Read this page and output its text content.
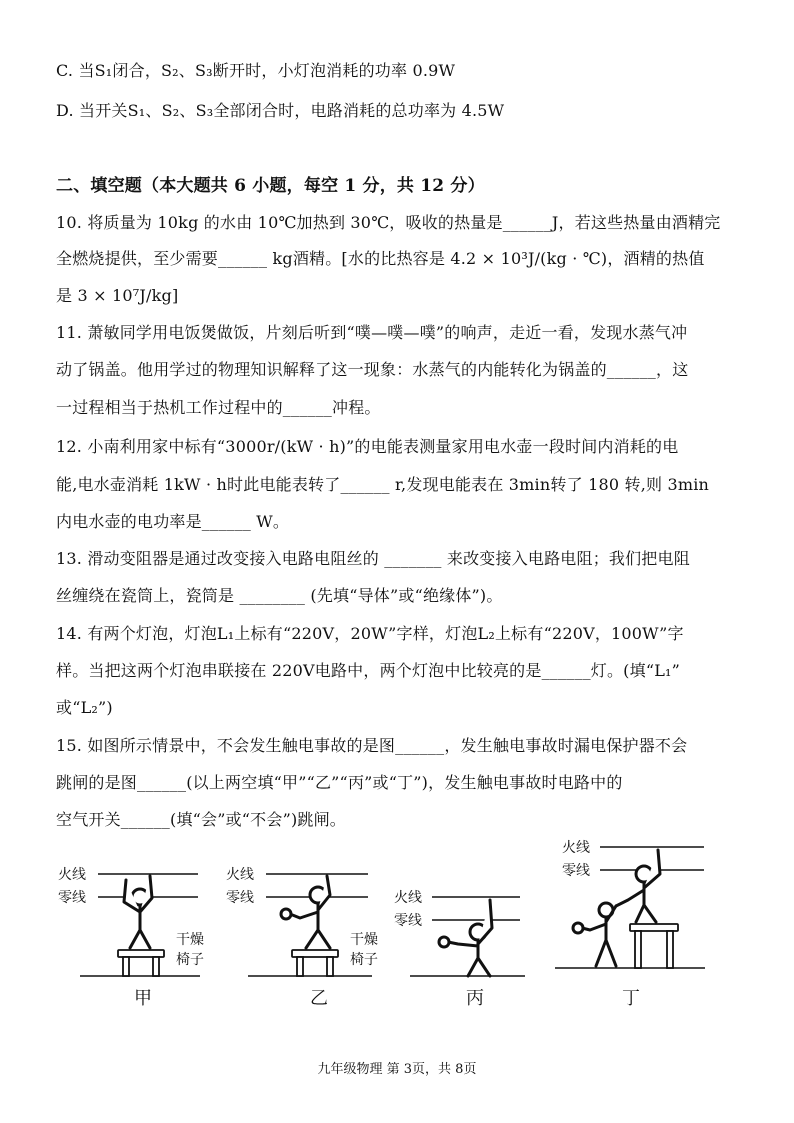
C. 当S₁闭合，S₂、S₃断开时，小灯泡消耗的功率 0.9W
D. 当开关S₁、S₂、S₃全部闭合时，电路消耗的总功率为 4.5W
二、填空题（本大题共 6 小题，每空 1 分，共 12 分）
10. 将质量为 10kg 的水由 10℃加热到 30℃，吸收的热量是______J，若这些热量由酒精完
全燃烧提供，至少需要______ kg酒精。[水的比热容是 4.2 × 10³J/(kg · ℃)，酒精的热值
是 3 × 10⁷J/kg]
11. 萧敏同学用电饭煲做饭，片刻后听到“噗—噗—噗”的响声，走近一看，发现水蒸气冲
动了锅盖。他用学过的物理知识解释了这一现象：水蒸气的内能转化为锅盖的______，这
一过程相当于热机工作过程中的______冲程。
12. 小南利用家中标有“3000r/(kW · h)”的电能表测量家用电水壶一段时间内消耗的电
能,电水壶消耗 1kW · h时此电能表转了______ r,发现电能表在 3min转了 180 转,则 3min
内电水壶的电功率是______ W。
13. 滑动变阻器是通过改变接入电路电阻丝的 _______ 来改变接入电路电阻；我们把电阻
丝缠绕在瓷筒上，瓷筒是 ________ (先填“导体”或“绝缘体”)。
14. 有两个灯泡，灯泡L₁上标有“220V，20W”字样，灯泡L₂上标有“220V，100W”字
样。当把这两个灯泡串联接在 220V电路中，两个灯泡中比较亮的是______灯。(填“L₁”
或“L₂”)
15. 如图所示情景中，不会发生触电事故的是图______，发生触电事故时漏电保护器不会
跳闸的是图______(以上两空填“甲”“乙”“丙”或“丁”)，发生触电事故时电路中的
空气开关______(填“会”或“不会”)跳闸。
火线
零线
干燥
椅子
火线
零线
干燥
椅子
火线
零线
火线
零线
甲	乙	丙	丁
九年级物理 第 3页，共 8页
